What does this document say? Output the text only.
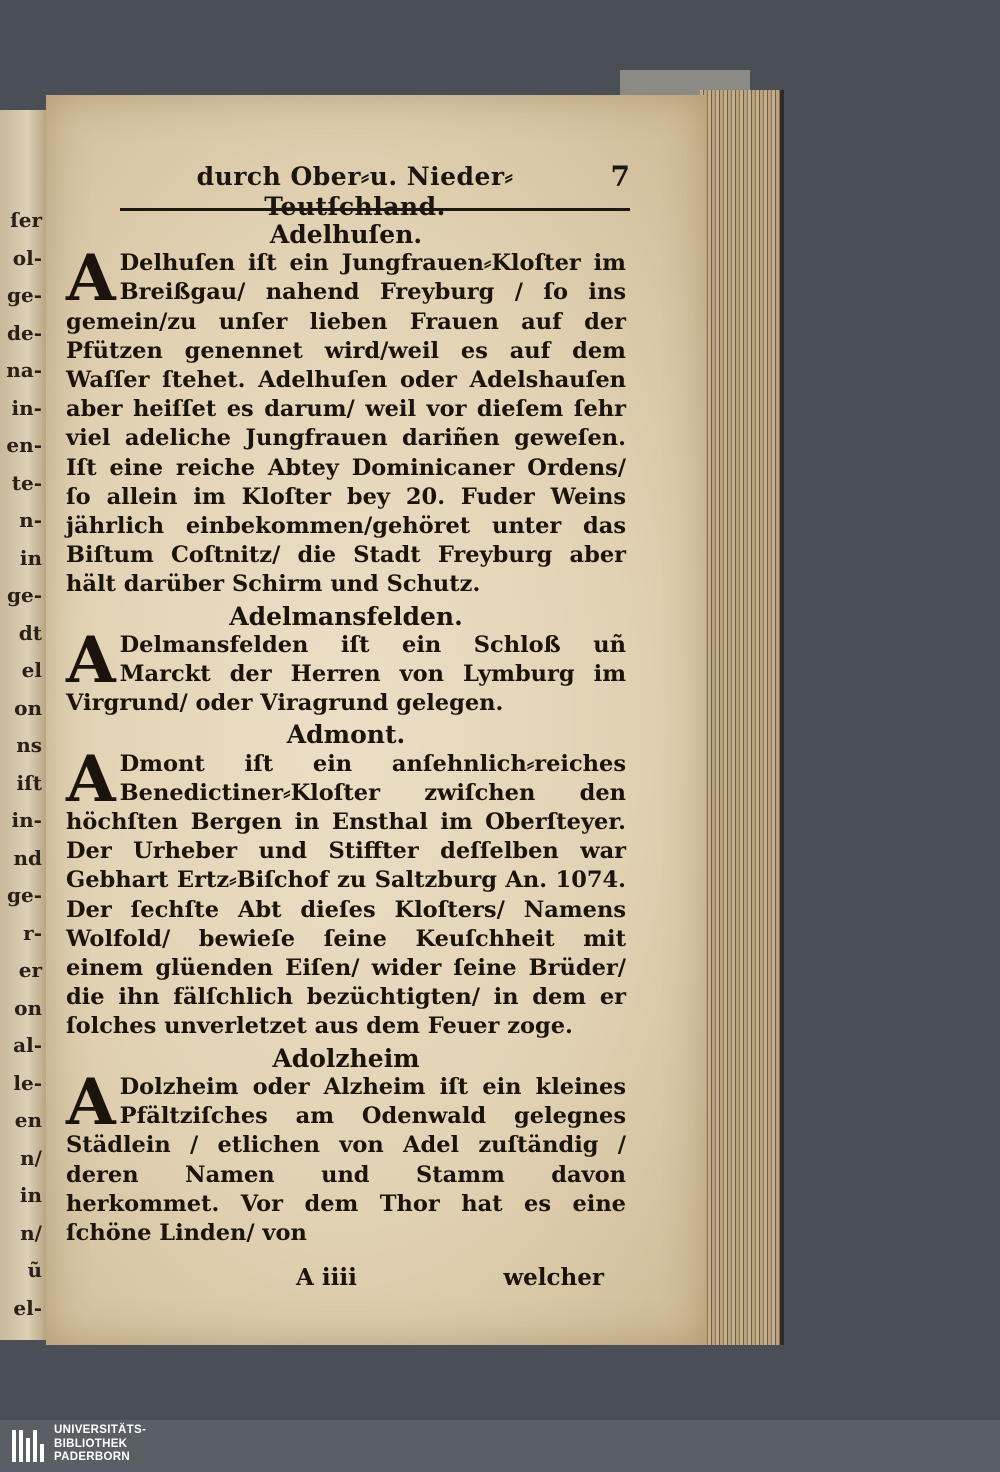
ſer
ol-
ge-
de-
na-
in-
en-
te-
n-
in
ge-
dt
el
on
ns
iſt
in-
nd
ge-
r-
er
on
al-
le-
en
n/
in
n/
ũ
el-
durch Ober⸗u. Nieder⸗Teutſchland.
7
Adelhuſen.
A Delhuſen iſt ein Jungfrauen⸗Kloſter im Breißgau/ nahend Freyburg / ſo ins gemein/zu unſer lieben Frauen auf der Pfützen genennet wird/weil es auf dem Waſſer ſtehet. Adelhuſen oder Adelshauſen aber heiſſet es darum/ weil vor dieſem ſehr viel adeliche Jungfrauen dariñen geweſen. Iſt eine reiche Abtey Dominicaner Ordens/ ſo allein im Kloſter bey 20. Fuder Weins jährlich einbekommen/gehöret unter das Biſtum Coſtnitz/ die Stadt Freyburg aber hält darüber Schirm und Schutz.
Adelmansfelden.
A Delmansfelden iſt ein Schloß uñ Marckt der Herren von Lymburg im Virgrund/ oder Viragrund gelegen.
Admont.
A Dmont iſt ein anſehnlich⸗reiches Benedictiner⸗Kloſter zwiſchen den höchſten Bergen in Ensthal im Oberſteyer. Der Urheber und Stiffter deſſelben war Gebhart Ertz⸗Biſchof zu Saltzburg An. 1074. Der ſechſte Abt dieſes Kloſters/ Namens Wolfold/ bewieſe ſeine Keuſchheit mit einem glüenden Eiſen/ wider ſeine Brüder/ die ihn fälſchlich bezüchtigten/ in dem er ſolches unverletzet aus dem Feuer zoge.
Adolzheim
A Dolzheim oder Alzheim iſt ein kleines Pfältziſches am Odenwald gelegnes Städlein / etlichen von Adel zuſtändig / deren Namen und Stamm davon herkommet. Vor dem Thor hat es eine ſchöne Linden/ von
A iiii	welcher
UNIVERSITÄTS-
BIBLIOTHEK
PADERBORN
